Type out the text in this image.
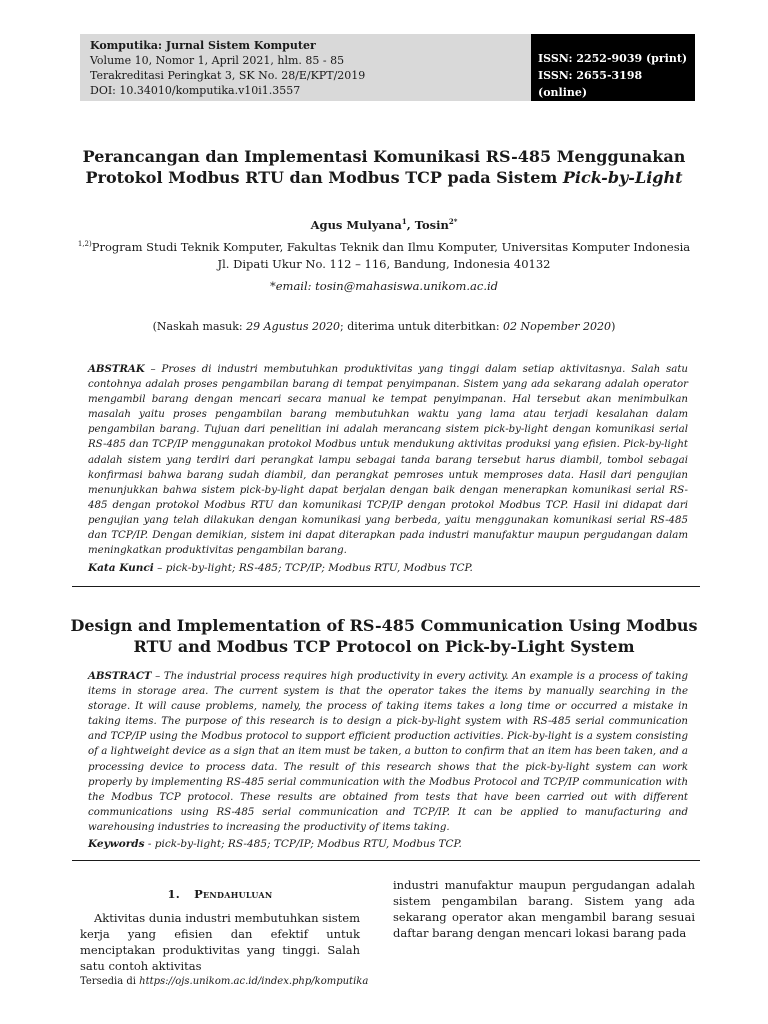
Komputika: Jurnal Sistem Komputer
Volume 10, Nomor 1, April 2021, hlm. 85 - 85
Terakreditasi Peringkat 3, SK No. 28/E/KPT/2019
DOI: 10.34010/komputika.v10i1.3557
ISSN: 2252-9039 (print)
ISSN: 2655-3198 (online)
Perancangan dan Implementasi Komunikasi RS-485 Menggunakan
Protokol Modbus RTU dan Modbus TCP pada Sistem Pick-by-Light
Agus Mulyana$^1$, Tosin$^{2*}$
$^{1,2)}$Program Studi Teknik Komputer, Fakultas Teknik dan Ilmu Komputer, Universitas Komputer Indonesia
Jl. Dipati Ukur No. 112 – 116, Bandung, Indonesia 40132
*email: tosin@mahasiswa.unikom.ac.id
(Naskah masuk: 29 Agustus 2020; diterima untuk diterbitkan: 02 Nopember 2020)
ABSTRAK – Proses di industri membutuhkan produktivitas yang tinggi dalam setiap aktivitasnya. Salah satu contohnya adalah proses pengambilan barang di tempat penyimpanan. Sistem yang ada sekarang adalah operator mengambil barang dengan mencari secara manual ke tempat penyimpanan. Hal tersebut akan menimbulkan masalah yaitu proses pengambilan barang membutuhkan waktu yang lama atau terjadi kesalahan dalam pengambilan barang. Tujuan dari penelitian ini adalah merancang sistem pick-by-light dengan komunikasi serial RS-485 dan TCP/IP menggunakan protokol Modbus untuk mendukung aktivitas produksi yang efisien. Pick-by-light adalah sistem yang terdiri dari perangkat lampu sebagai tanda barang tersebut harus diambil, tombol sebagai konfirmasi bahwa barang sudah diambil, dan perangkat pemroses untuk memproses data. Hasil dari pengujian menunjukkan bahwa sistem pick-by-light dapat berjalan dengan baik dengan menerapkan komunikasi serial RS-485 dengan protokol Modbus RTU dan komunikasi TCP/IP dengan protokol Modbus TCP. Hasil ini didapat dari pengujian yang telah dilakukan dengan komunikasi yang berbeda, yaitu menggunakan komunikasi serial RS-485 dan TCP/IP. Dengan demikian, sistem ini dapat diterapkan pada industri manufaktur maupun pergudangan dalam meningkatkan produktivitas pengambilan barang.
Kata Kunci – pick-by-light; RS-485; TCP/IP; Modbus RTU, Modbus TCP.
Design and Implementation of RS-485 Communication Using Modbus
RTU and Modbus TCP Protocol on Pick-by-Light System
ABSTRACT – The industrial process requires high productivity in every activity. An example is a process of taking items in storage area. The current system is that the operator takes the items by manually searching in the storage. It will cause problems, namely, the process of taking items takes a long time or occurred a mistake in taking items. The purpose of this research is to design a pick-by-light system with RS-485 serial communication and TCP/IP using the Modbus protocol to support efficient production activities. Pick-by-light is a system consisting of a lightweight device as a sign that an item must be taken, a button to confirm that an item has been taken, and a processing device to process data. The result of this research shows that the pick-by-light system can work properly by implementing RS-485 serial communication with the Modbus Protocol and TCP/IP communication with the Modbus TCP protocol. These results are obtained from tests that have been carried out with different communications using RS-485 serial communication and TCP/IP. It can be applied to manufacturing and warehousing industries to increasing the productivity of items taking.
Keywords - pick-by-light; RS-485; TCP/IP; Modbus RTU, Modbus TCP.
1. Pendahuluan
Aktivitas dunia industri membutuhkan sistem kerja yang efisien dan efektif untuk menciptakan produktivitas yang tinggi. Salah satu contoh aktivitas
industri manufaktur maupun pergudangan adalah sistem pengambilan barang. Sistem yang ada sekarang operator akan mengambil barang sesuai daftar barang dengan mencari lokasi barang pada
Tersedia di https://ojs.unikom.ac.id/index.php/komputika
